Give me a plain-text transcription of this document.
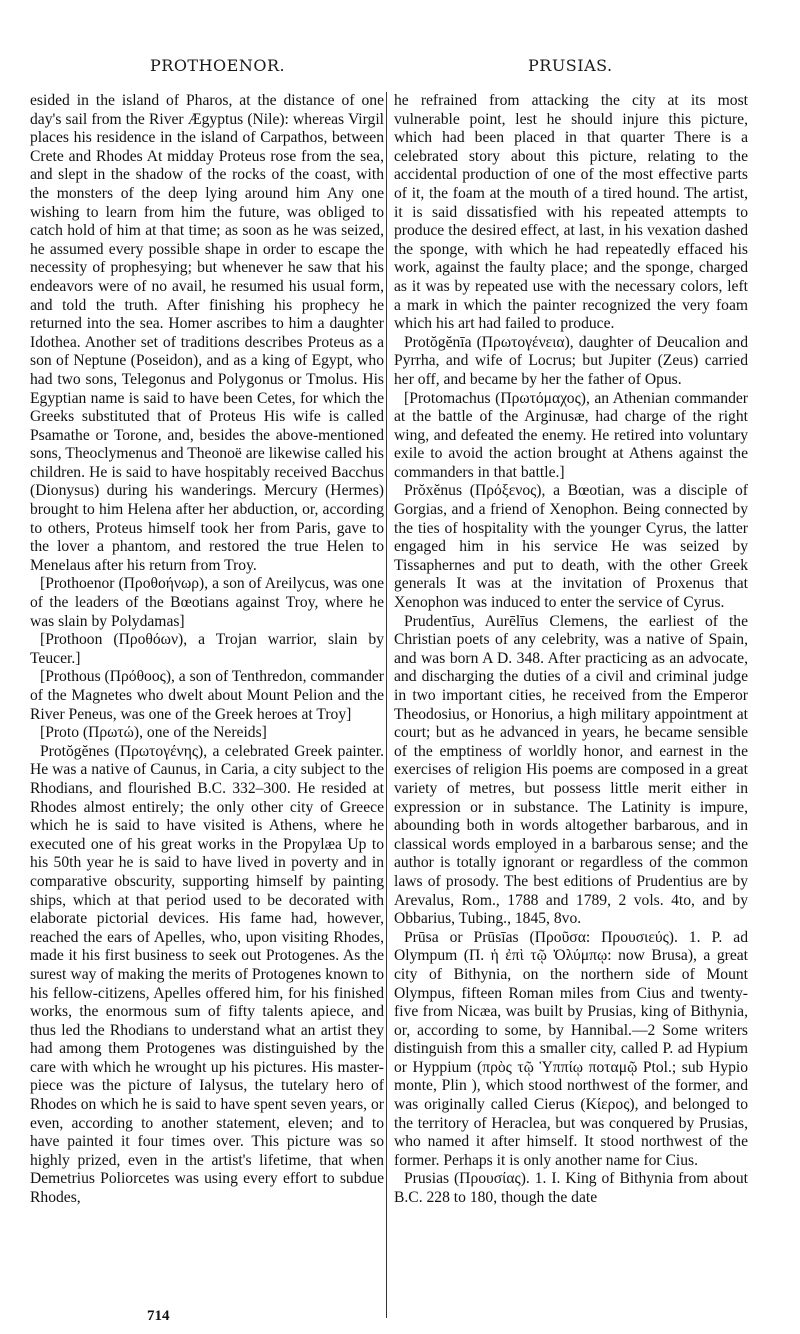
PROTHOENOR.	PRUSIAS.

esided in the island of Pharos, at the distance of one day's sail from the River Ægyptus (Nile): whereas Virgil places his residence in the island of Carpathos, between Crete and Rhodes At midday Proteus rose from the sea, and slept in the shadow of the rocks of the coast, with the monsters of the deep lying around him Any one wishing to learn from him the future, was obliged to catch hold of him at that time; as soon as he was seized, he assumed every possible shape in order to escape the necessity of prophesying; but whenever he saw that his endeavors were of no avail, he resumed his usual form, and told the truth. After finishing his prophecy he returned into the sea. Homer ascribes to him a daughter Idothea. Another set of traditions describes Proteus as a son of Neptune (Poseidon), and as a king of Egypt, who had two sons, Telegonus and Polygonus or Tmolus. His Egyptian name is said to have been Cetes, for which the Greeks substituted that of Proteus His wife is called Psamathe or Torone, and, besides the above-mentioned sons, Theoclymenus and Theonoë are likewise called his children. He is said to have hospitably received Bacchus (Dionysus) during his wanderings. Mercury (Hermes) brought to him Helena after her abduction, or, according to others, Proteus himself took her from Paris, gave to the lover a phantom, and restored the true Helen to Menelaus after his return from Troy.

[Prothoenor (Προθοήνωρ), a son of Areilycus, was one of the leaders of the Bœotians against Troy, where he was slain by Polydamas]

[Prothoon (Προθόων), a Trojan warrior, slain by Teucer.]

[Prothous (Πρόθοος), a son of Tenthredon, commander of the Magnetes who dwelt about Mount Pelion and the River Peneus, was one of the Greek heroes at Troy]

[Proto (Πρωτώ), one of the Nereids]

Protŏgĕnes (Πρωτογένης), a celebrated Greek painter. He was a native of Caunus, in Caria, a city subject to the Rhodians, and flourished B.C. 332–300. He resided at Rhodes almost entirely; the only other city of Greece which he is said to have visited is Athens, where he executed one of his great works in the Propylæa Up to his 50th year he is said to have lived in poverty and in comparative obscurity, supporting himself by painting ships, which at that period used to be decorated with elaborate pictorial devices. His fame had, however, reached the ears of Apelles, who, upon visiting Rhodes, made it his first business to seek out Protogenes. As the surest way of making the merits of Protogenes known to his fellow-citizens, Apelles offered him, for his finished works, the enormous sum of fifty talents apiece, and thus led the Rhodians to understand what an artist they had among them Protogenes was distinguished by the care with which he wrought up his pictures. His master-piece was the picture of Ialysus, the tutelary hero of Rhodes on which he is said to have spent seven years, or even, according to another statement, eleven; and to have painted it four times over. This picture was so highly prized, even in the artist's lifetime, that when Demetrius Poliorcetes was using every effort to subdue Rhodes,

he refrained from attacking the city at its most vulnerable point, lest he should injure this picture, which had been placed in that quarter There is a celebrated story about this picture, relating to the accidental production of one of the most effective parts of it, the foam at the mouth of a tired hound. The artist, it is said dissatisfied with his repeated attempts to produce the desired effect, at last, in his vexation dashed the sponge, with which he had repeatedly effaced his work, against the faulty place; and the sponge, charged as it was by repeated use with the necessary colors, left a mark in which the painter recognized the very foam which his art had failed to produce.

Protŏgĕnīa (Πρωτογένεια), daughter of Deucalion and Pyrrha, and wife of Locrus; but Jupiter (Zeus) carried her off, and became by her the father of Opus.

[Protomachus (Πρωτόμαχος), an Athenian commander at the battle of the Arginusæ, had charge of the right wing, and defeated the enemy. He retired into voluntary exile to avoid the action brought at Athens against the commanders in that battle.]

Prŏxĕnus (Πρόξενος), a Bœotian, was a disciple of Gorgias, and a friend of Xenophon. Being connected by the ties of hospitality with the younger Cyrus, the latter engaged him in his service He was seized by Tissaphernes and put to death, with the other Greek generals It was at the invitation of Proxenus that Xenophon was induced to enter the service of Cyrus.

Prudentīus, Aurēlīus Clemens, the earliest of the Christian poets of any celebrity, was a native of Spain, and was born A D. 348. After practicing as an advocate, and discharging the duties of a civil and criminal judge in two important cities, he received from the Emperor Theodosius, or Honorius, a high military appointment at court; but as he advanced in years, he became sensible of the emptiness of worldly honor, and earnest in the exercises of religion His poems are composed in a great variety of metres, but possess little merit either in expression or in substance. The Latinity is impure, abounding both in words altogether barbarous, and in classical words employed in a barbarous sense; and the author is totally ignorant or regardless of the common laws of prosody. The best editions of Prudentius are by Arevalus, Rom., 1788 and 1789, 2 vols. 4to, and by Obbarius, Tubing., 1845, 8vo.

Prūsa or Prūsīas (Προῦσα: Προυσιεύς). 1. P. ad Olympum (Π. ἡ ἐπὶ τῷ Ὀλύμπῳ: now Brusa), a great city of Bithynia, on the northern side of Mount Olympus, fifteen Roman miles from Cius and twenty-five from Nicæa, was built by Prusias, king of Bithynia, or, according to some, by Hannibal.—2 Some writers distinguish from this a smaller city, called P. ad Hypium or Hyppium (πρὸς τῷ Ὑππίῳ ποταμῷ Ptol.; sub Hypio monte, Plin ), which stood northwest of the former, and was originally called Cierus (Κίερος), and belonged to the territory of Heraclea, but was conquered by Prusias, who named it after himself. It stood northwest of the former. Perhaps it is only another name for Cius.

Prusias (Προυσίας). 1. I. King of Bithynia from about B.C. 228 to 180, though the date

714
